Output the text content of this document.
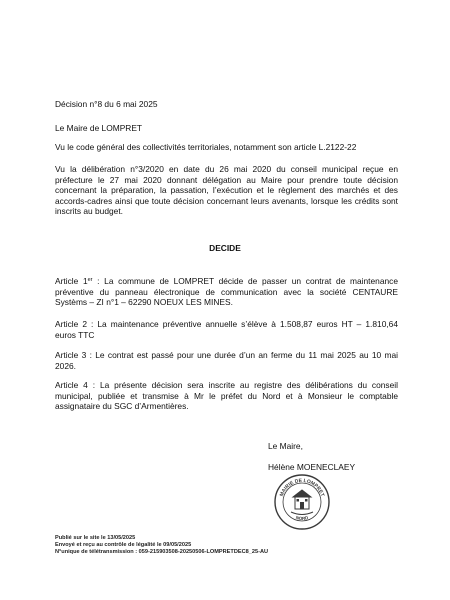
Décision n°8 du 6 mai 2025

Le Maire de LOMPRET

Vu le code général des collectivités territoriales, notamment son article L.2122-22

Vu la délibération n°3/2020 en date du 26 mai 2020 du conseil municipal reçue en préfecture le 27 mai 2020 donnant délégation au Maire pour prendre toute décision concernant la préparation, la passation, l’exécution et le règlement des marchés et des accords-cadres ainsi que toute décision concernant leurs avenants, lorsque les crédits sont inscrits au budget.

DECIDE

Article 1er : La commune de LOMPRET décide de passer un contrat de maintenance préventive du panneau électronique de communication avec la société CENTAURE Systèms – ZI n°1 – 62290 NOEUX LES MINES.

Article 2 : La maintenance préventive annuelle s’élève à 1.508,87 euros HT – 1.810,64 euros TTC

Article 3 : Le contrat est passé pour une durée d’un an ferme du 11 mai 2025 au 10 mai 2026.

Article 4 : La présente décision sera inscrite au registre des délibérations du conseil municipal, publiée et transmise à Mr le préfet du Nord et à Monsieur le comptable assignataire du SGC d’Armentières.

Le Maire,
Hélène MOENECLAEY
MAIRIE DE LOMPRET
NORD
Publié sur le site le 13/05/2025
Envoyé et reçu au contrôle de légalité le 09/05/2025
N°unique de télétransmission : 059-215903508-20250506-LOMPRETDEC8_25-AU
